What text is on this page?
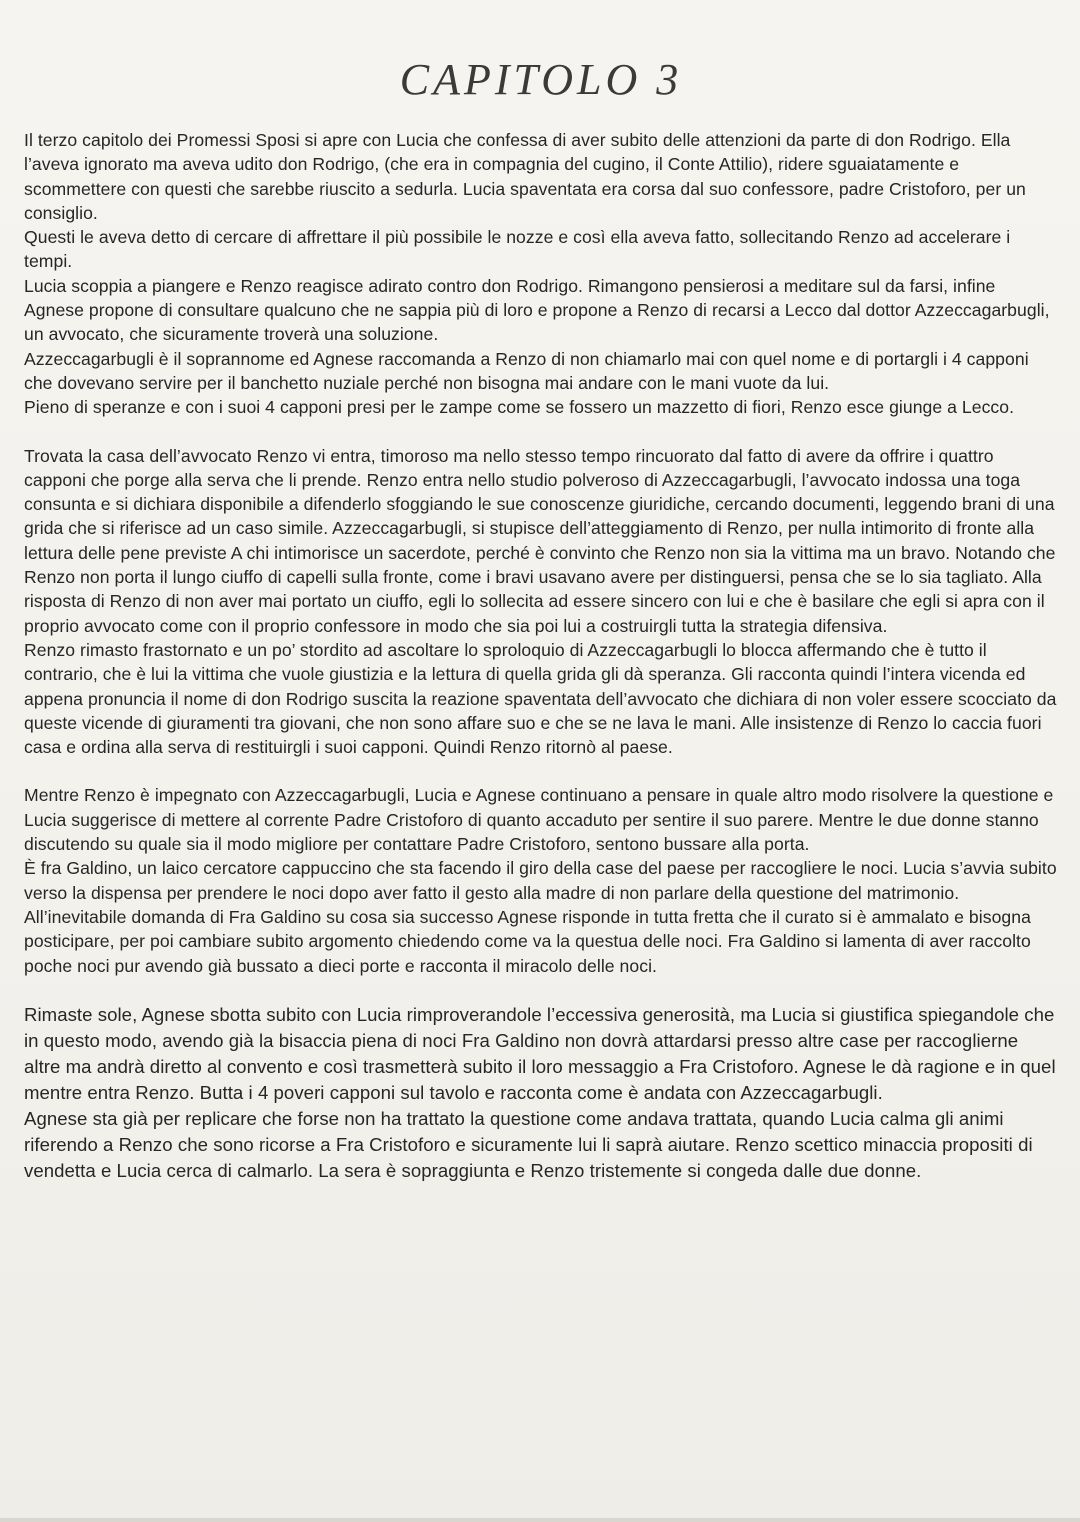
CAPITOLO 3

Il terzo capitolo dei Promessi Sposi si apre con Lucia che confessa di aver subito delle attenzioni da parte di don Rodrigo. Ella l’aveva ignorato ma aveva udito don Rodrigo, (che era in compagnia del cugino, il Conte Attilio), ridere sguaiatamente e scommettere con questi che sarebbe riuscito a sedurla. Lucia spaventata era corsa dal suo confessore, padre Cristoforo, per un consiglio.

Questi le aveva detto di cercare di affrettare il più possibile le nozze e così ella aveva fatto, sollecitando Renzo ad accelerare i tempi.

Lucia scoppia a piangere e Renzo reagisce adirato contro don Rodrigo. Rimangono pensierosi a meditare sul da farsi, infine Agnese propone di consultare qualcuno che ne sappia più di loro e propone a Renzo di recarsi a Lecco dal dottor Azzeccagarbugli, un avvocato, che sicuramente troverà una soluzione.

Azzeccagarbugli è il soprannome ed Agnese raccomanda a Renzo di non chiamarlo mai con quel nome e di portargli i 4 capponi che dovevano servire per il banchetto nuziale perché non bisogna mai andare con le mani vuote da lui.

Pieno di speranze e con i suoi 4 capponi presi per le zampe come se fossero un mazzetto di fiori, Renzo esce giunge a Lecco.

Trovata la casa dell’avvocato Renzo vi entra, timoroso ma nello stesso tempo rincuorato dal fatto di avere da offrire i quattro capponi che porge alla serva che li prende. Renzo entra nello studio polveroso di Azzeccagarbugli, l’avvocato indossa una toga consunta e si dichiara disponibile a difenderlo sfoggiando le sue conoscenze giuridiche, cercando documenti, leggendo brani di una grida che si riferisce ad un caso simile. Azzeccagarbugli, si stupisce dell’atteggiamento di Renzo, per nulla intimorito di fronte alla lettura delle pene previste A chi intimorisce un sacerdote, perché è convinto che Renzo non sia la vittima ma un bravo. Notando che Renzo non porta il lungo ciuffo di capelli sulla fronte, come i bravi usavano avere per distinguersi, pensa che se lo sia tagliato. Alla risposta di Renzo di non aver mai portato un ciuffo, egli lo sollecita ad essere sincero con lui e che è basilare che egli si apra con il proprio avvocato come con il proprio confessore in modo che sia poi lui a costruirgli tutta la strategia difensiva.

Renzo rimasto frastornato e un po’ stordito ad ascoltare lo sproloquio di Azzeccagarbugli lo blocca affermando che è tutto il contrario, che è lui la vittima che vuole giustizia e la lettura di quella grida gli dà speranza. Gli racconta quindi l’intera vicenda ed appena pronuncia il nome di don Rodrigo suscita la reazione spaventata dell’avvocato che dichiara di non voler essere scocciato da queste vicende di giuramenti tra giovani, che non sono affare suo e che se ne lava le mani. Alle insistenze di Renzo lo caccia fuori casa e ordina alla serva di restituirgli i suoi capponi. Quindi Renzo ritornò al paese.

Mentre Renzo è impegnato con Azzeccagarbugli, Lucia e Agnese continuano a pensare in quale altro modo risolvere la questione e Lucia suggerisce di mettere al corrente Padre Cristoforo di quanto accaduto per sentire il suo parere. Mentre le due donne stanno discutendo su quale sia il modo migliore per contattare Padre Cristoforo, sentono bussare alla porta.

È fra Galdino, un laico cercatore cappuccino che sta facendo il giro della case del paese per raccogliere le noci. Lucia s’avvia subito verso la dispensa per prendere le noci dopo aver fatto il gesto alla madre di non parlare della questione del matrimonio. All’inevitabile domanda di Fra Galdino su cosa sia successo Agnese risponde in tutta fretta che il curato si è ammalato e bisogna posticipare, per poi cambiare subito argomento chiedendo come va la questua delle noci. Fra Galdino si lamenta di aver raccolto poche noci pur avendo già bussato a dieci porte e racconta il miracolo delle noci.

Rimaste sole, Agnese sbotta subito con Lucia rimproverandole l’eccessiva generosità, ma Lucia si giustifica spiegandole che in questo modo, avendo già la bisaccia piena di noci Fra Galdino non dovrà attardarsi presso altre case per raccoglierne altre ma andrà diretto al convento e così trasmetterà subito il loro messaggio a Fra Cristoforo. Agnese le dà ragione e in quel mentre entra Renzo. Butta i 4 poveri capponi sul tavolo e racconta come è andata con Azzeccagarbugli.

Agnese sta già per replicare che forse non ha trattato la questione come andava trattata, quando Lucia calma gli animi riferendo a Renzo che sono ricorse a Fra Cristoforo e sicuramente lui li saprà aiutare. Renzo scettico minaccia propositi di vendetta e Lucia cerca di calmarlo. La sera è sopraggiunta e Renzo tristemente si congeda dalle due donne.
